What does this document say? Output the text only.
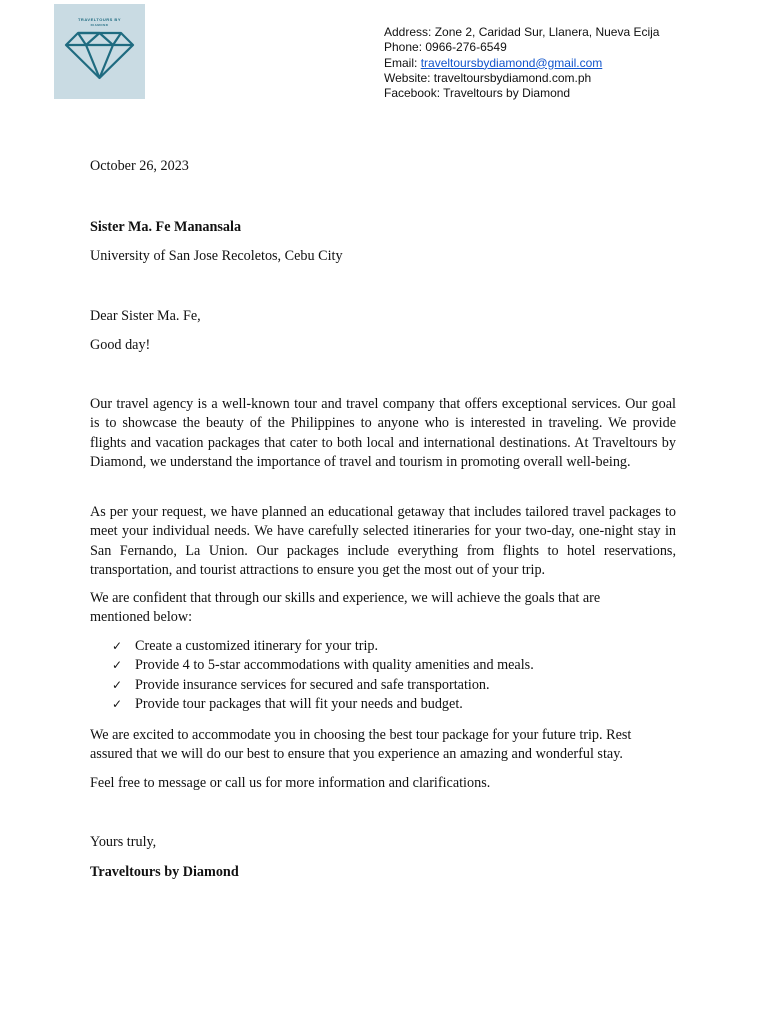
TRAVELTOURS BY
DIAMOND	Address: Zone 2, Caridad Sur, Llanera, Nueva Ecija
Phone: 0966-276-6549
Email: traveltoursbydiamond@gmail.com
Website: traveltoursbydiamond.com.ph
Facebook: Traveltours by Diamond
October 26, 2023
Sister Ma. Fe Manansala
University of San Jose Recoletos, Cebu City
Dear Sister Ma. Fe,
Good day!
Our travel agency is a well-known tour and travel company that offers exceptional services. Our goal is to showcase the beauty of the Philippines to anyone who is interested in traveling. We provide flights and vacation packages that cater to both local and international destinations. At Traveltours by Diamond, we understand the importance of travel and tourism in promoting overall well-being.
As per your request, we have planned an educational getaway that includes tailored travel packages to meet your individual needs. We have carefully selected itineraries for your two-day, one-night stay in San Fernando, La Union. Our packages include everything from flights to hotel reservations, transportation, and tourist attractions to ensure you get the most out of your trip.
We are confident that through our skills and experience, we will achieve the goals that are mentioned below:
✓ Create a customized itinerary for your trip.
✓ Provide 4 to 5-star accommodations with quality amenities and meals.
✓ Provide insurance services for secured and safe transportation.
✓ Provide tour packages that will fit your needs and budget.
We are excited to accommodate you in choosing the best tour package for your future trip. Rest assured that we will do our best to ensure that you experience an amazing and wonderful stay.
Feel free to message or call us for more information and clarifications.
Yours truly,
Traveltours by Diamond
